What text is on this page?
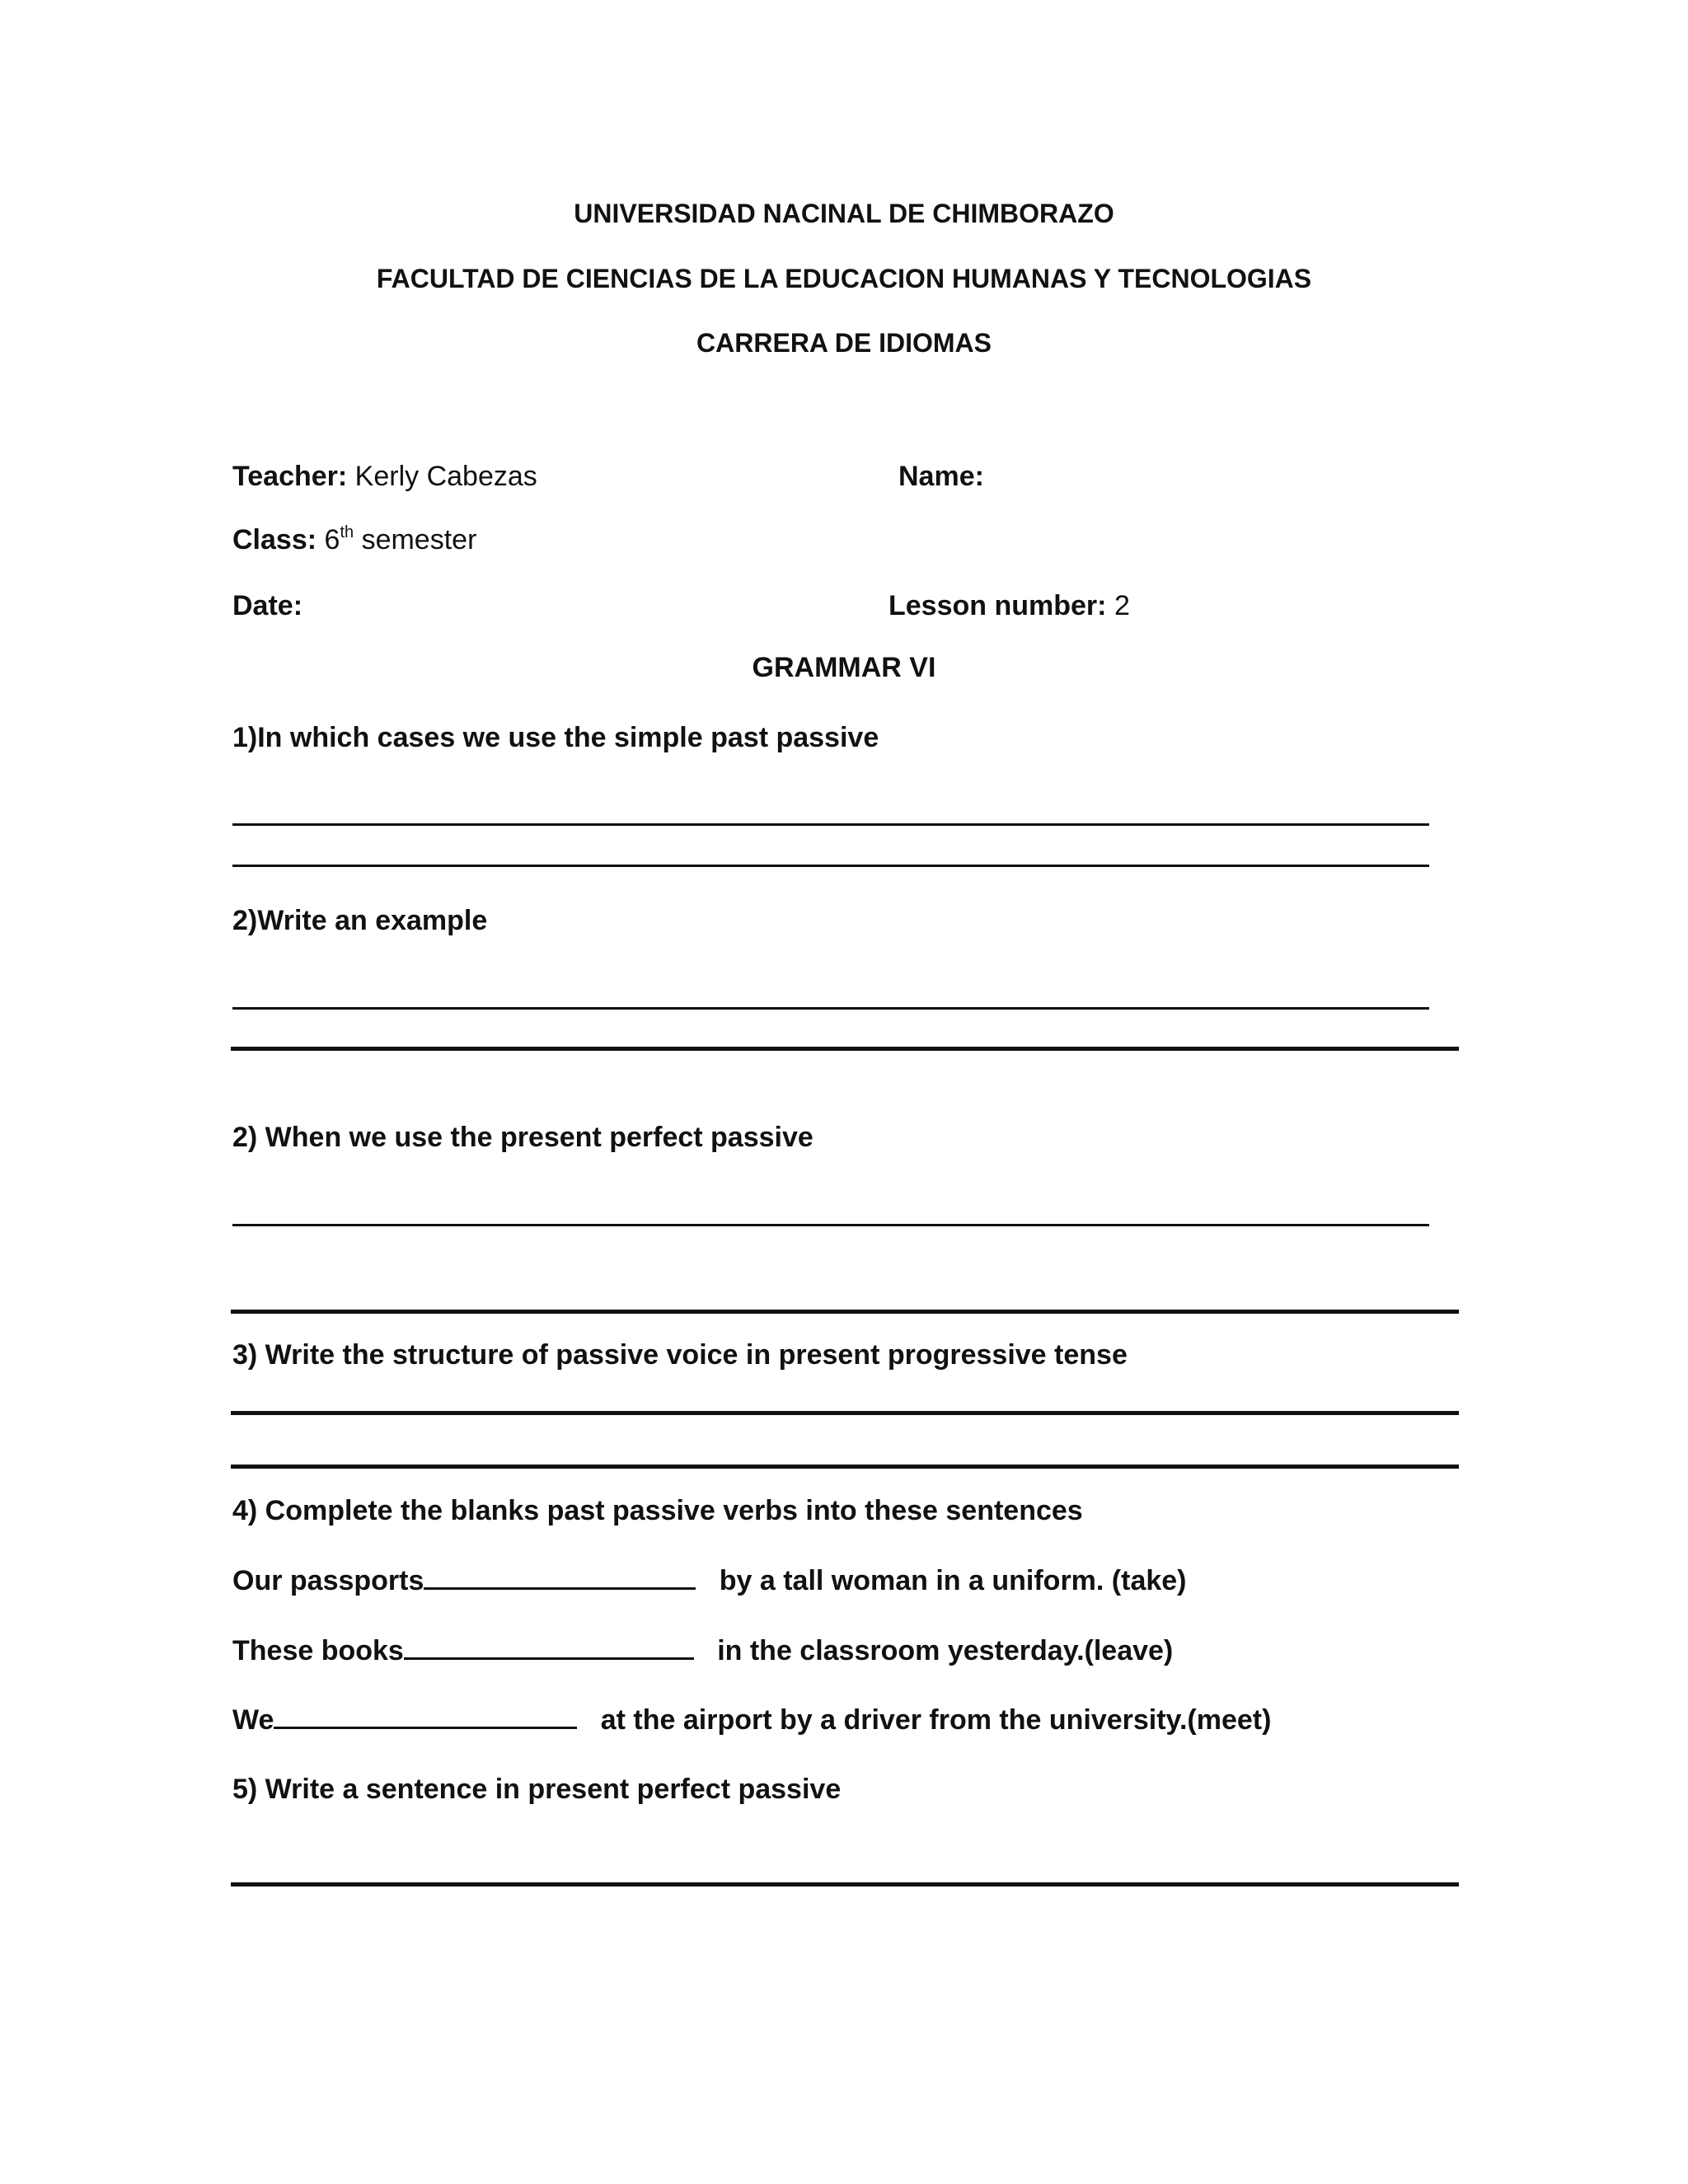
UNIVERSIDAD NACINAL DE CHIMBORAZO
FACULTAD DE CIENCIAS DE LA EDUCACION HUMANAS Y TECNOLOGIAS
CARRERA DE IDIOMAS
Teacher: Kerly Cabezas	Name:
Class: 6th semester
Date:	Lesson number: 2
GRAMMAR VI
1)In which cases we use the simple past passive
2)Write an example
2) When we use the present perfect passive
3) Write the structure of passive voice in present progressive tense
4) Complete the blanks past passive verbs into these sentences
Our passports	by a tall woman in a uniform. (take)
These books	in the classroom yesterday.(leave)
We	at the airport by a driver from the university.(meet)
5) Write a sentence in present perfect passive
